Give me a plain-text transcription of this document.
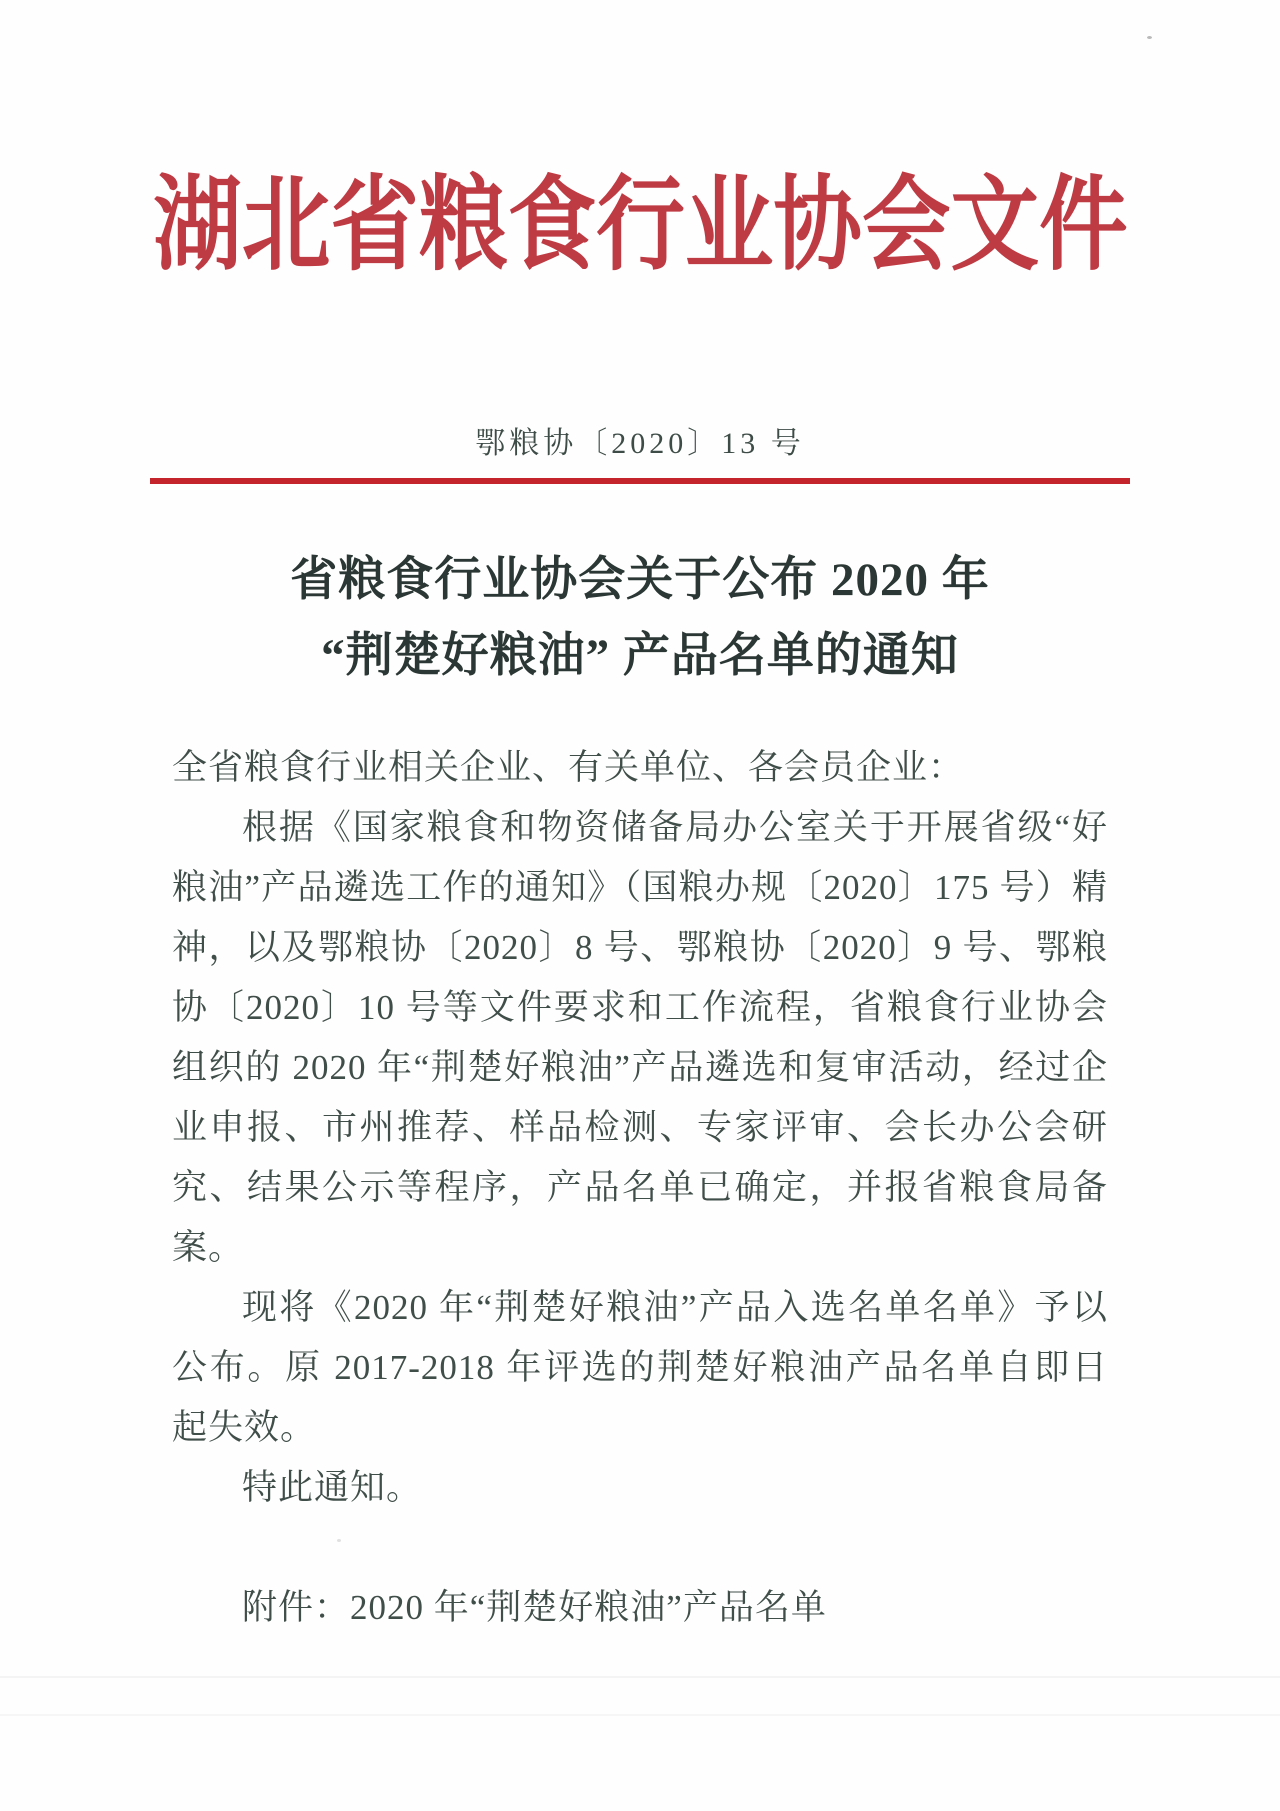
湖北省粮食行业协会文件
鄂粮协〔2020〕13 号
省粮食行业协会关于公布 2020 年
“荆楚好粮油” 产品名单的通知

全省粮食行业相关企业、有关单位、各会员企业：

根据《国家粮食和物资储备局办公室关于开展省级“好粮油”产品遴选工作的通知》（国粮办规〔2020〕175 号）精神，以及鄂粮协〔2020〕8 号、鄂粮协〔2020〕9 号、鄂粮协〔2020〕10 号等文件要求和工作流程，省粮食行业协会组织的 2020 年“荆楚好粮油”产品遴选和复审活动，经过企业申报、市州推荐、样品检测、专家评审、会长办公会研究、结果公示等程序，产品名单已确定，并报省粮食局备案。

现将《2020 年“荆楚好粮油”产品入选名单名单》予以公布。原 2017-2018 年评选的荆楚好粮油产品名单自即日起失效。

特此通知。

附件：2020 年“荆楚好粮油”产品名单
